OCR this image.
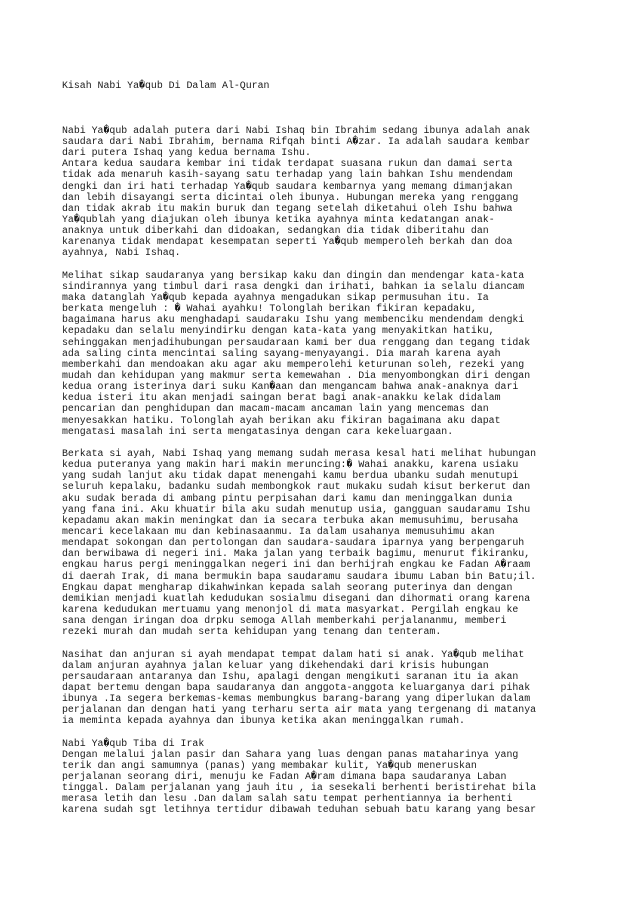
Kisah Nabi Ya�qub Di Dalam Al-Quran

Nabi Ya�qub adalah putera dari Nabi Ishaq bin Ibrahim sedang ibunya adalah anak
saudara dari Nabi Ibrahim, bernama Rifqah binti A�zar. Ia adalah saudara kembar
dari putera Ishaq yang kedua bernama Ishu.
Antara kedua saudara kembar ini tidak terdapat suasana rukun dan damai serta
tidak ada menaruh kasih-sayang satu terhadap yang lain bahkan Ishu mendendam
dengki dan iri hati terhadap Ya�qub saudara kembarnya yang memang dimanjakan
dan lebih disayangi serta dicintai oleh ibunya. Hubungan mereka yang renggang
dan tidak akrab itu makin buruk dan tegang setelah diketahui oleh Ishu bahwa
Ya�qublah yang diajukan oleh ibunya ketika ayahnya minta kedatangan anak-
anaknya untuk diberkahi dan didoakan, sedangkan dia tidak diberitahu dan
karenanya tidak mendapat kesempatan seperti Ya�qub memperoleh berkah dan doa
ayahnya, Nabi Ishaq.
Melihat sikap saudaranya yang bersikap kaku dan dingin dan mendengar kata-kata
sindirannya yang timbul dari rasa dengki dan irihati, bahkan ia selalu diancam
maka datanglah Ya�qub kepada ayahnya mengadukan sikap permusuhan itu. Ia
berkata mengeluh : � Wahai ayahku! Tolonglah berikan fikiran kepadaku,
bagaimana harus aku menghadapi saudaraku Ishu yang membenciku mendendam dengki
kepadaku dan selalu menyindirku dengan kata-kata yang menyakitkan hatiku,
sehinggakan menjadihubungan persaudaraan kami ber dua renggang dan tegang tidak
ada saling cinta mencintai saling sayang-menyayangi. Dia marah karena ayah
memberkahi dan mendoakan aku agar aku memperolehi keturunan soleh, rezeki yang
mudah dan kehidupan yang makmur serta kemewahan . Dia menyombongkan diri dengan
kedua orang isterinya dari suku Kan�aan dan mengancam bahwa anak-anaknya dari
kedua isteri itu akan menjadi saingan berat bagi anak-anakku kelak didalam
pencarian dan penghidupan dan macam-macam ancaman lain yang mencemas dan
menyesakkan hatiku. Tolonglah ayah berikan aku fikiran bagaimana aku dapat
mengatasi masalah ini serta mengatasinya dengan cara kekeluargaan.
Berkata si ayah, Nabi Ishaq yang memang sudah merasa kesal hati melihat hubungan
kedua puteranya yang makin hari makin meruncing:� Wahai anakku, karena usiaku
yang sudah lanjut aku tidak dapat menengahi kamu berdua ubanku sudah menutupi
seluruh kepalaku, badanku sudah membongkok raut mukaku sudah kisut berkerut dan
aku sudak berada di ambang pintu perpisahan dari kamu dan meninggalkan dunia
yang fana ini. Aku khuatir bila aku sudah menutup usia, gangguan saudaramu Ishu
kepadamu akan makin meningkat dan ia secara terbuka akan memusuhimu, berusaha
mencari kecelakaan mu dan kebinasaanmu. Ia dalam usahanya memusuhimu akan
mendapat sokongan dan pertolongan dan saudara-saudara iparnya yang berpengaruh
dan berwibawa di negeri ini. Maka jalan yang terbaik bagimu, menurut fikiranku,
engkau harus pergi meninggalkan negeri ini dan berhijrah engkau ke Fadan A�raam
di daerah Irak, di mana bermukin bapa saudaramu saudara ibumu Laban bin Batu;il.
Engkau dapat mengharap dikahwinkan kepada salah seorang puterinya dan dengan
demikian menjadi kuatlah kedudukan sosialmu disegani dan dihormati orang karena
karena kedudukan mertuamu yang menonjol di mata masyarkat. Pergilah engkau ke
sana dengan iringan doa drpku semoga Allah memberkahi perjalananmu, memberi
rezeki murah dan mudah serta kehidupan yang tenang dan tenteram.
Nasihat dan anjuran si ayah mendapat tempat dalam hati si anak. Ya�qub melihat
dalam anjuran ayahnya jalan keluar yang dikehendaki dari krisis hubungan
persaudaraan antaranya dan Ishu, apalagi dengan mengikuti saranan itu ia akan
dapat bertemu dengan bapa saudaranya dan anggota-anggota keluarganya dari pihak
ibunya .Ia segera berkemas-kemas membungkus barang-barang yang diperlukan dalam
perjalanan dan dengan hati yang terharu serta air mata yang tergenang di matanya
ia meminta kepada ayahnya dan ibunya ketika akan meninggalkan rumah.
Nabi Ya�qub Tiba di Irak
Dengan melalui jalan pasir dan Sahara yang luas dengan panas mataharinya yang
terik dan angi samumnya (panas) yang membakar kulit, Ya�qub meneruskan
perjalanan seorang diri, menuju ke Fadan A�ram dimana bapa saudaranya Laban
tinggal. Dalam perjalanan yang jauh itu , ia sesekali berhenti beristirehat bila
merasa letih dan lesu .Dan dalam salah satu tempat perhentiannya ia berhenti
karena sudah sgt letihnya tertidur dibawah teduhan sebuah batu karang yang besar
